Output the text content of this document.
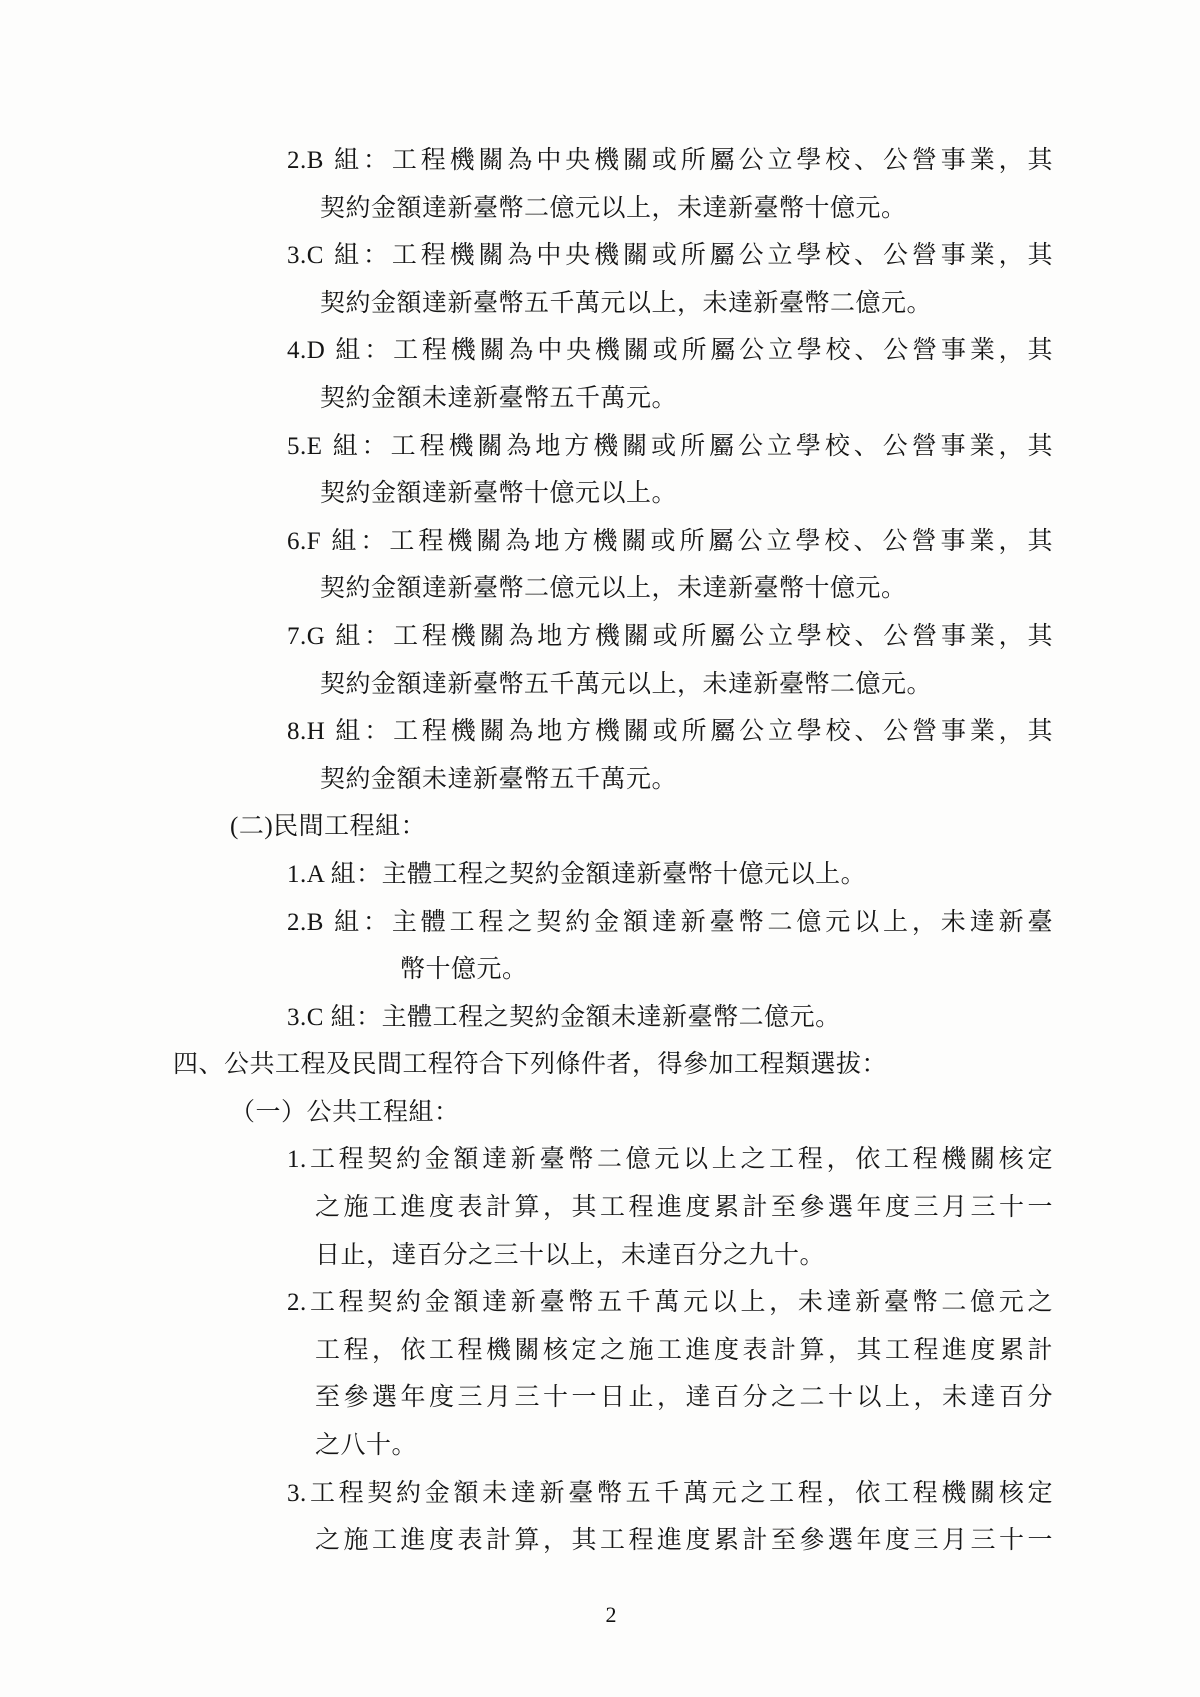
2.B 組：工程機關為中央機關或所屬公立學校、公營事業，其
契約金額達新臺幣二億元以上，未達新臺幣十億元。
3.C 組：工程機關為中央機關或所屬公立學校、公營事業，其
契約金額達新臺幣五千萬元以上，未達新臺幣二億元。
4.D 組：工程機關為中央機關或所屬公立學校、公營事業，其
契約金額未達新臺幣五千萬元。
5.E 組：工程機關為地方機關或所屬公立學校、公營事業，其
契約金額達新臺幣十億元以上。
6.F 組：工程機關為地方機關或所屬公立學校、公營事業，其
契約金額達新臺幣二億元以上，未達新臺幣十億元。
7.G 組：工程機關為地方機關或所屬公立學校、公營事業，其
契約金額達新臺幣五千萬元以上，未達新臺幣二億元。
8.H 組：工程機關為地方機關或所屬公立學校、公營事業，其
契約金額未達新臺幣五千萬元。
(二)民間工程組：
1.A 組：主體工程之契約金額達新臺幣十億元以上。
2.B 組：主體工程之契約金額達新臺幣二億元以上，未達新臺
幣十億元。
3.C 組：主體工程之契約金額未達新臺幣二億元。
四、公共工程及民間工程符合下列條件者，得參加工程類選拔：
（一）公共工程組：
1.工程契約金額達新臺幣二億元以上之工程，依工程機關核定
之施工進度表計算，其工程進度累計至參選年度三月三十一
日止，達百分之三十以上，未達百分之九十。
2.工程契約金額達新臺幣五千萬元以上，未達新臺幣二億元之
工程，依工程機關核定之施工進度表計算，其工程進度累計
至參選年度三月三十一日止，達百分之二十以上，未達百分
之八十。
3.工程契約金額未達新臺幣五千萬元之工程，依工程機關核定
之施工進度表計算，其工程進度累計至參選年度三月三十一
2
